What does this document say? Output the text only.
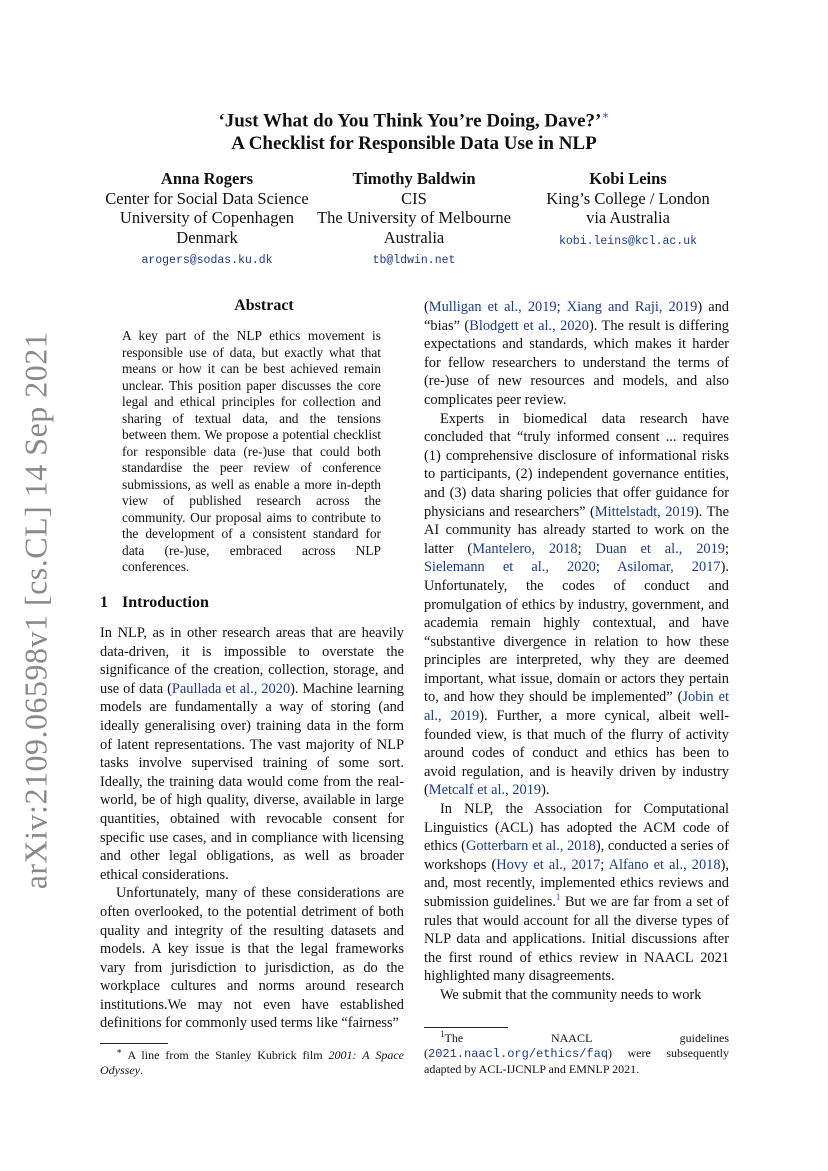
arXiv:2109.06598v1 [cs.CL] 14 Sep 2021
‘Just What do You Think You’re Doing, Dave?’∗
A Checklist for Responsible Data Use in NLP
Anna Rogers
Center for Social Data Science
University of Copenhagen
Denmark
arogers@sodas.ku.dk
Timothy Baldwin
CIS
The University of Melbourne
Australia
tb@ldwin.net
Kobi Leins
King’s College / London
via Australia
kobi.leins@kcl.ac.uk
Abstract
A key part of the NLP ethics movement is responsible use of data, but exactly what that means or how it can be best achieved remain unclear. This position paper discusses the core legal and ethical principles for collection and sharing of textual data, and the tensions between them. We propose a potential checklist for responsible data (re-)use that could both standardise the peer review of conference submissions, as well as enable a more in-depth view of published research across the community. Our proposal aims to contribute to the development of a consistent standard for data (re-)use, embraced across NLP conferences.
1 Introduction

In NLP, as in other research areas that are heavily data-driven, it is impossible to overstate the significance of the creation, collection, storage, and use of data (Paullada et al., 2020). Machine learning models are fundamentally a way of storing (and ideally generalising over) training data in the form of latent representations. The vast majority of NLP tasks involve supervised training of some sort. Ideally, the training data would come from the real-world, be of high quality, diverse, available in large quantities, obtained with revocable consent for specific use cases, and in compliance with licensing and other legal obligations, as well as broader ethical considerations.

Unfortunately, many of these considerations are often overlooked, to the potential detriment of both quality and integrity of the resulting datasets and models. A key issue is that the legal frameworks vary from jurisdiction to jurisdiction, as do the workplace cultures and norms around research institutions.We may not even have established definitions for commonly used terms like “fairness”

(Mulligan et al., 2019; Xiang and Raji, 2019) and “bias” (Blodgett et al., 2020). The result is differing expectations and standards, which makes it harder for fellow researchers to understand the terms of (re-)use of new resources and models, and also complicates peer review.

Experts in biomedical data research have concluded that “truly informed consent ... requires (1) comprehensive disclosure of informational risks to participants, (2) independent governance entities, and (3) data sharing policies that offer guidance for physicians and researchers” (Mittelstadt, 2019). The AI community has already started to work on the latter (Mantelero, 2018; Duan et al., 2019; Sielemann et al., 2020; Asilomar, 2017). Unfortunately, the codes of conduct and promulgation of ethics by industry, government, and academia remain highly contextual, and have “substantive divergence in relation to how these principles are interpreted, why they are deemed important, what issue, domain or actors they pertain to, and how they should be implemented” (Jobin et al., 2019). Further, a more cynical, albeit well-founded view, is that much of the flurry of activity around codes of conduct and ethics has been to avoid regulation, and is heavily driven by industry (Metcalf et al., 2019).

In NLP, the Association for Computational Linguistics (ACL) has adopted the ACM code of ethics (Gotterbarn et al., 2018), conducted a series of workshops (Hovy et al., 2017; Alfano et al., 2018), and, most recently, implemented ethics reviews and submission guidelines.$^1$ But we are far from a set of rules that would account for all the diverse types of NLP data and applications. Initial discussions after the first round of ethics review in NAACL 2021 highlighted many disagreements.

We submit that the community needs to work

∗ A line from the Stanley Kubrick film 2001: A Space Odyssey.
$^1$The NAACL guidelines (2021.naacl.org/ethics/faq) were subsequently adapted by ACL-IJCNLP and EMNLP 2021.
